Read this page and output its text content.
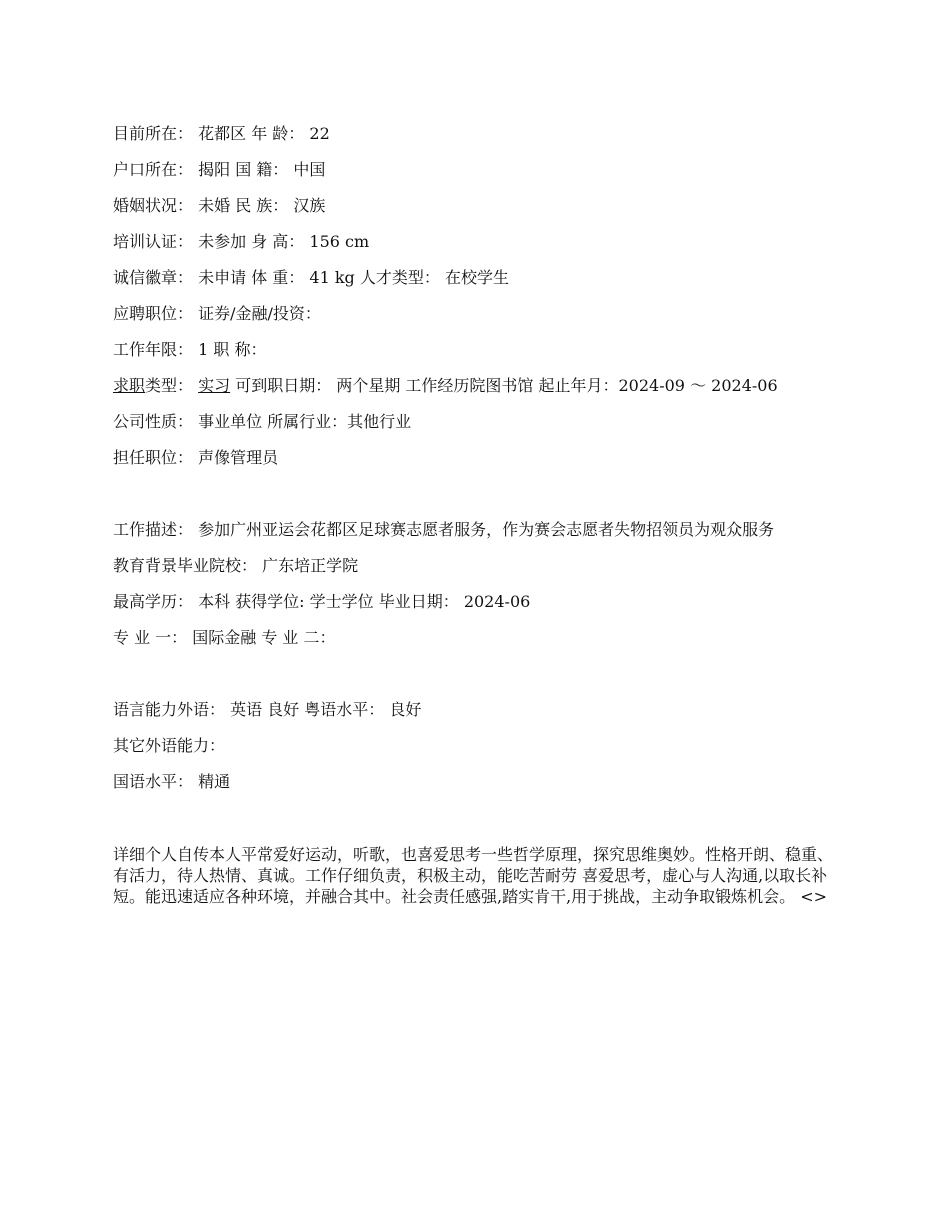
目前所在： 花都区 年 龄： 22
户口所在： 揭阳 国 籍： 中国
婚姻状况： 未婚 民 族： 汉族
培训认证： 未参加 身 高： 156 cm
诚信徽章： 未申请 体 重： 41 kg 人才类型： 在校学生
应聘职位： 证券/金融/投资：
工作年限： 1 职 称：
求职类型： 实习 可到职日期： 两个星期 工作经历院图书馆 起止年月：2024-09 ～ 2024-06
公司性质： 事业单位 所属行业：其他行业
担任职位： 声像管理员
工作描述： 参加广州亚运会花都区足球赛志愿者服务，作为赛会志愿者失物招领员为观众服务
教育背景毕业院校： 广东培正学院
最高学历： 本科 获得学位: 学士学位 毕业日期： 2024-06
专 业 一： 国际金融 专 业 二：
语言能力外语： 英语 良好 粤语水平： 良好
其它外语能力：
国语水平： 精通
详细个人自传本人平常爱好运动，听歌，也喜爱思考一些哲学原理，探究思维奥妙。性格开朗、稳重、有活力，待人热情、真诚。工作仔细负责，积极主动，能吃苦耐劳 喜爱思考，虚心与人沟通,以取长补短。能迅速适应各种环境，并融合其中。社会责任感强,踏实肯干,用于挑战，主动争取锻炼机会。 <>
